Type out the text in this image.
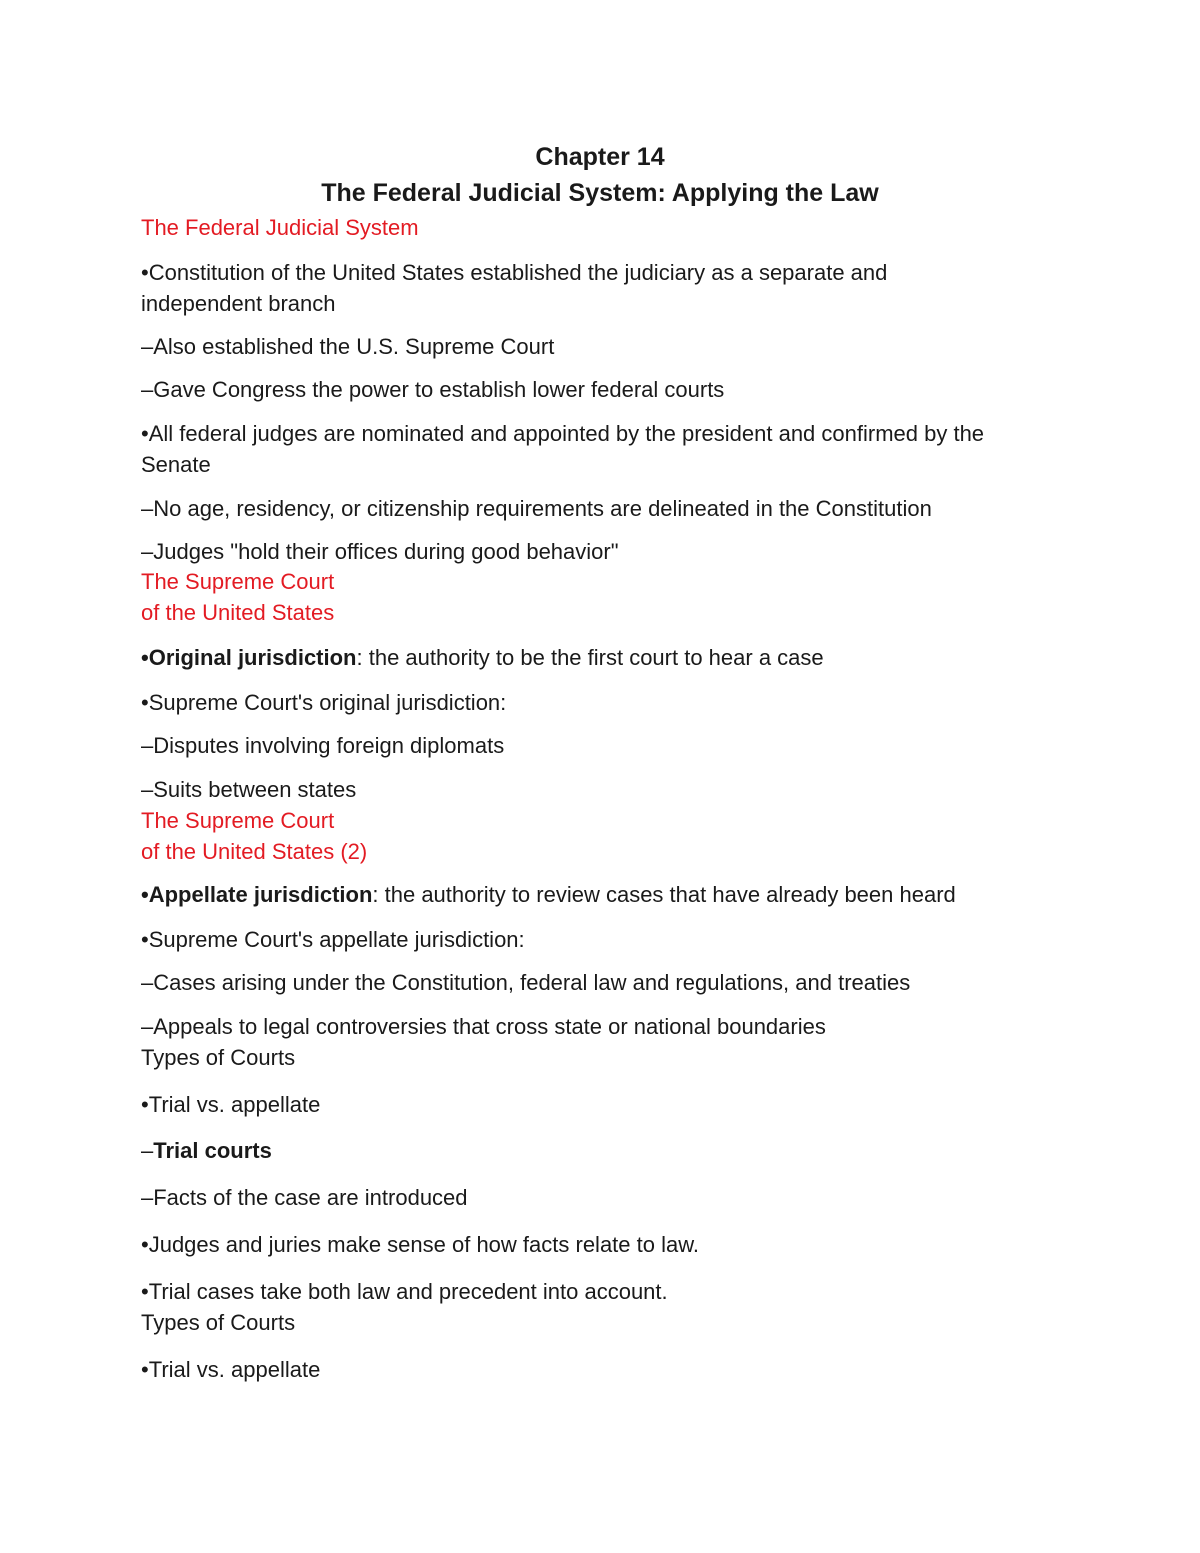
Chapter 14

The Federal Judicial System: Applying the Law

The Federal Judicial System

•Constitution of the United States established the judiciary as a separate and

independent branch

–Also established the U.S. Supreme Court

–Gave Congress the power to establish lower federal courts

•All federal judges are nominated and appointed by the president and confirmed by the

Senate

–No age, residency, or citizenship requirements are delineated in the Constitution

–Judges "hold their offices during good behavior"

The Supreme Court

of the United States

•Original jurisdiction: the authority to be the first court to hear a case

•Supreme Court's original jurisdiction:

–Disputes involving foreign diplomats

–Suits between states

The Supreme Court

of the United States (2)

•Appellate jurisdiction: the authority to review cases that have already been heard

•Supreme Court's appellate jurisdiction:

–Cases arising under the Constitution, federal law and regulations, and treaties

–Appeals to legal controversies that cross state or national boundaries

Types of Courts

•Trial vs. appellate

–Trial courts

–Facts of the case are introduced

•Judges and juries make sense of how facts relate to law.

•Trial cases take both law and precedent into account.

Types of Courts

•Trial vs. appellate
